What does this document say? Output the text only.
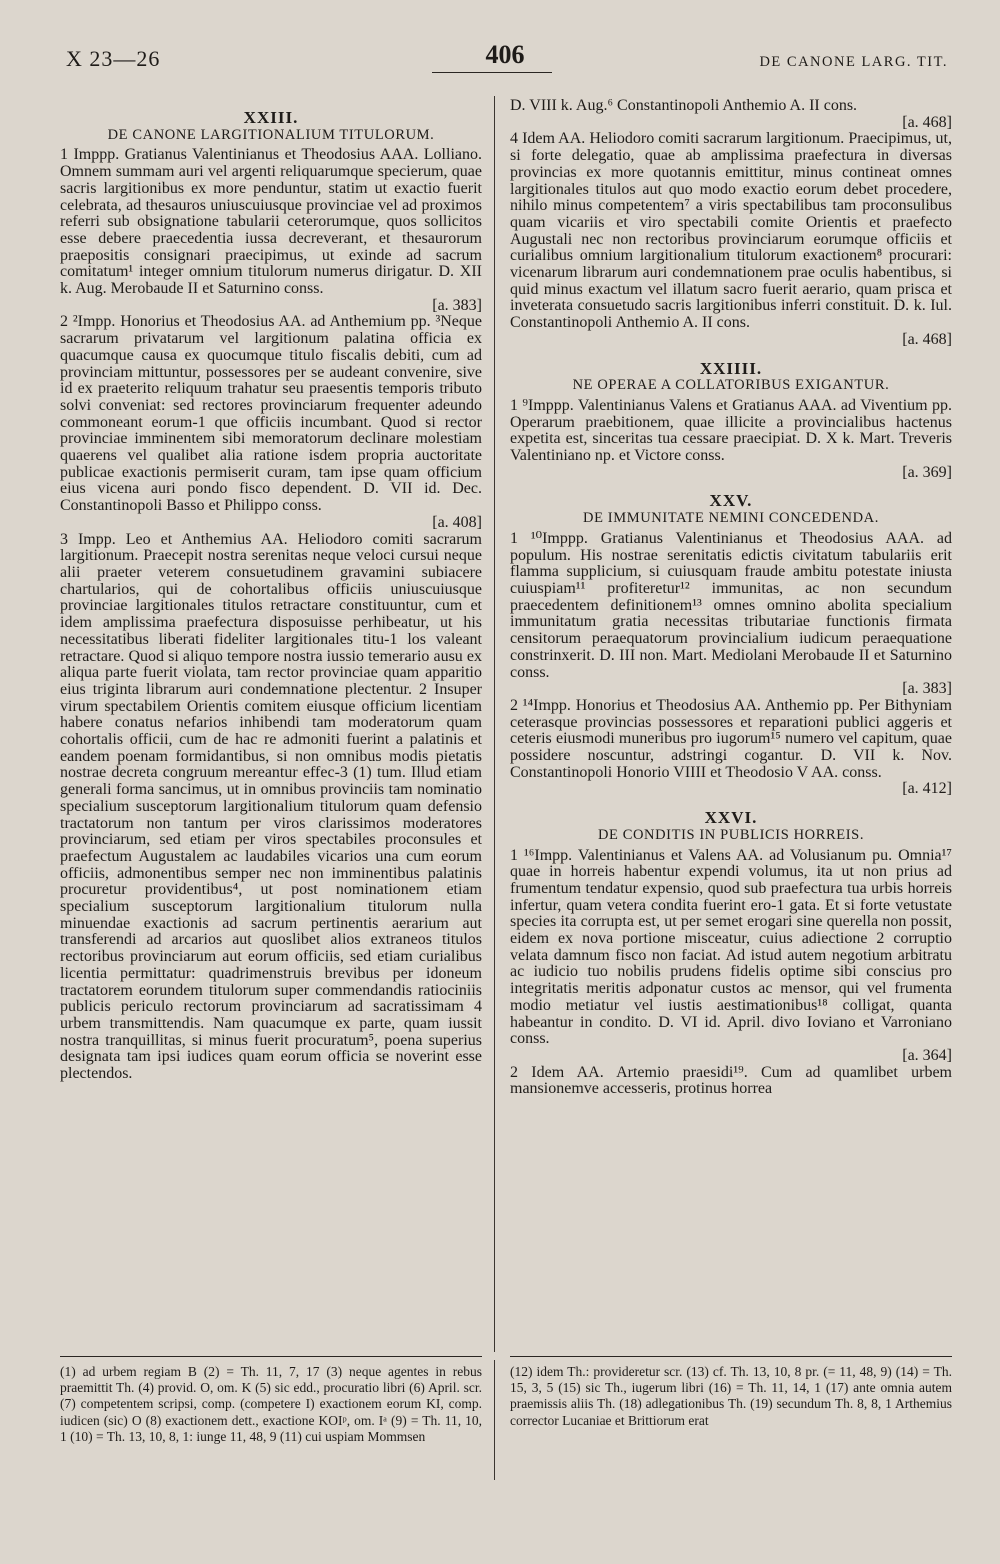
X 23—26	406	DE CANONE LARG. TIT.
XXIII.
DE CANONE LARGITIONALIUM TITULORUM.

1 Imppp. Gratianus Valentinianus et Theodosius AAA. Lolliano. Omnem summam auri vel argenti reliquarumque specierum, quae sacris largitionibus ex more penduntur, statim ut exactio fuerit celebrata, ad thesauros uniuscuiusque provinciae vel ad proximos referri sub obsignatione tabularii ceterorumque, quos sollicitos esse debere praecedentia iussa decreverant, et thesaurorum praepositis consignari praecipimus, ut exinde ad sacrum comitatum¹ integer omnium titulorum numerus dirigatur. D. XII k. Aug. Merobaude II et Saturnino conss.

[a. 383]

2 ²Impp. Honorius et Theodosius AA. ad Anthemium pp. ³Neque sacrarum privatarum vel largitionum palatina officia ex quacumque causa ex quocumque titulo fiscalis debiti, cum ad provinciam mittuntur, possessores per se audeant convenire, sive id ex praeterito reliquum trahatur seu praesentis temporis tributo solvi conveniat: sed rectores provinciarum frequenter adeundo commoneant eorum-1 que officiis incumbant. Quod si rector provinciae imminentem sibi memoratorum declinare molestiam quaerens vel qualibet alia ratione isdem propria auctoritate publicae exactionis permiserit curam, tam ipse quam officium eius vicena auri pondo fisco dependent. D. VII id. Dec. Constantinopoli Basso et Philippo conss.

[a. 408]

3 Impp. Leo et Anthemius AA. Heliodoro comiti sacrarum largitionum. Praecepit nostra serenitas neque veloci cursui neque alii praeter veterem consuetudinem gravamini subiacere chartularios, qui de cohortalibus officiis uniuscuiusque provinciae largitionales titulos retractare constituuntur, cum et idem amplissima praefectura disposuisse perhibeatur, ut his necessitatibus liberati fideliter largitionales titu-1 los valeant retractare. Quod si aliquo tempore nostra iussio temerario ausu ex aliqua parte fuerit violata, tam rector provinciae quam apparitio eius triginta librarum auri condemnatione plectentur. 2 Insuper virum spectabilem Orientis comitem eiusque officium licentiam habere conatus nefarios inhibendi tam moderatorum quam cohortalis officii, cum de hac re admoniti fuerint a palatinis et eandem poenam formidantibus, si non omnibus modis pietatis nostrae decreta congruum mereantur effec-3 (1) tum. Illud etiam generali forma sancimus, ut in omnibus provinciis tam nominatio specialium susceptorum largitionalium titulorum quam defensio tractatorum non tantum per viros clarissimos moderatores provinciarum, sed etiam per viros spectabiles proconsules et praefectum Augustalem ac laudabiles vicarios una cum eorum officiis, admonentibus semper nec non imminentibus palatinis procuretur providentibus⁴, ut post nominationem etiam specialium susceptorum largitionalium titulorum nulla minuendae exactionis ad sacrum pertinentis aerarium aut transferendi ad arcarios aut quoslibet alios extraneos titulos rectoribus provinciarum aut eorum officiis, sed etiam curialibus licentia permittatur: quadrimenstruis brevibus per idoneum tractatorem eorundem titulorum super commendandis ratiociniis publicis periculo rectorum provinciarum ad sacratissimam 4 urbem transmittendis. Nam quacumque ex parte, quam iussit nostra tranquillitas, si minus fuerit procuratum⁵, poena superius designata tam ipsi iudices quam eorum officia se noverint esse plectendos.

D. VIII k. Aug.⁶ Constantinopoli Anthemio A. II cons.

[a. 468]

4 Idem AA. Heliodoro comiti sacrarum largitionum. Praecipimus, ut, si forte delegatio, quae ab amplissima praefectura in diversas provincias ex more quotannis emittitur, minus contineat omnes largitionales titulos aut quo modo exactio eorum debet procedere, nihilo minus competentem⁷ a viris spectabilibus tam proconsulibus quam vicariis et viro spectabili comite Orientis et praefecto Augustali nec non rectoribus provinciarum eorumque officiis et curialibus omnium largitionalium titulorum exactionem⁸ procurari: vicenarum librarum auri condemnationem prae oculis habentibus, si quid minus exactum vel illatum sacro fuerit aerario, quam prisca et inveterata consuetudo sacris largitionibus inferri constituit. D. k. Iul. Constantinopoli Anthemio A. II cons.

[a. 468]
XXIIII.
NE OPERAE A COLLATORIBUS EXIGANTUR.

1 ⁹Imppp. Valentinianus Valens et Gratianus AAA. ad Viventium pp. Operarum praebitionem, quae illicite a provincialibus hactenus expetita est, sinceritas tua cessare praecipiat. D. X k. Mart. Treveris Valentiniano np. et Victore conss.

[a. 369]
XXV.
DE IMMUNITATE NEMINI CONCEDENDA.

1 ¹⁰Imppp. Gratianus Valentinianus et Theodosius AAA. ad populum. His nostrae serenitatis edictis civitatum tabulariis erit flamma supplicium, si cuiusquam fraude ambitu potestate iniusta cuiuspiam¹¹ profiteretur¹² immunitas, ac non secundum praecedentem definitionem¹³ omnes omnino abolita specialium immunitatum gratia necessitas tributariae functionis firmata censitorum peraequatorum provincialium iudicum peraequatione constrinxerit. D. III non. Mart. Mediolani Merobaude II et Saturnino conss.

[a. 383]

2 ¹⁴Impp. Honorius et Theodosius AA. Anthemio pp. Per Bithyniam ceterasque provincias possessores et reparationi publici aggeris et ceteris eiusmodi muneribus pro iugorum¹⁵ numero vel capitum, quae possidere noscuntur, adstringi cogantur. D. VII k. Nov. Constantinopoli Honorio VIIII et Theodosio V AA. conss.

[a. 412]
XXVI.
DE CONDITIS IN PUBLICIS HORREIS.

1 ¹⁶Impp. Valentinianus et Valens AA. ad Volusianum pu. Omnia¹⁷ quae in horreis habentur expendi volumus, ita ut non prius ad frumentum tendatur expensio, quod sub praefectura tua urbis horreis infertur, quam vetera condita fuerint ero-1 gata. Et si forte vetustate species ita corrupta est, ut per semet erogari sine querella non possit, eidem ex nova portione misceatur, cuius adiectione 2 corruptio velata damnum fisco non faciat. Ad istud autem negotium arbitratu ac iudicio tuo nobilis prudens fidelis optime sibi conscius pro integritatis meritis adponatur custos ac mensor, qui vel frumenta modio metiatur vel iustis aestimationibus¹⁸ colligat, quanta habeantur in condito. D. VI id. April. divo Ioviano et Varroniano conss.

[a. 364]

2 Idem AA. Artemio praesidi¹⁹. Cum ad quamlibet urbem mansionemve accesseris, protinus horrea

(1) ad urbem regiam B (2) = Th. 11, 7, 17 (3) neque agentes in rebus praemittit Th. (4) provid. O, om. K (5) sic edd., procuratio libri (6) April. scr. (7) competentem scripsi, comp. (competere I) exactionem eorum KI, comp. iudicen (sic) O (8) exactionem dett., exactione KOIᵖ, om. Iᵃ (9) = Th. 11, 10, 1 (10) = Th. 13, 10, 8, 1: iunge 11, 48, 9 (11) cui uspiam Mommsen
(12) idem Th.: provideretur scr. (13) cf. Th. 13, 10, 8 pr. (= 11, 48, 9) (14) = Th. 15, 3, 5 (15) sic Th., iugerum libri (16) = Th. 11, 14, 1 (17) ante omnia autem praemissis aliis Th. (18) adlegationibus Th. (19) secundum Th. 8, 8, 1 Arthemius corrector Lucaniae et Brittiorum erat
